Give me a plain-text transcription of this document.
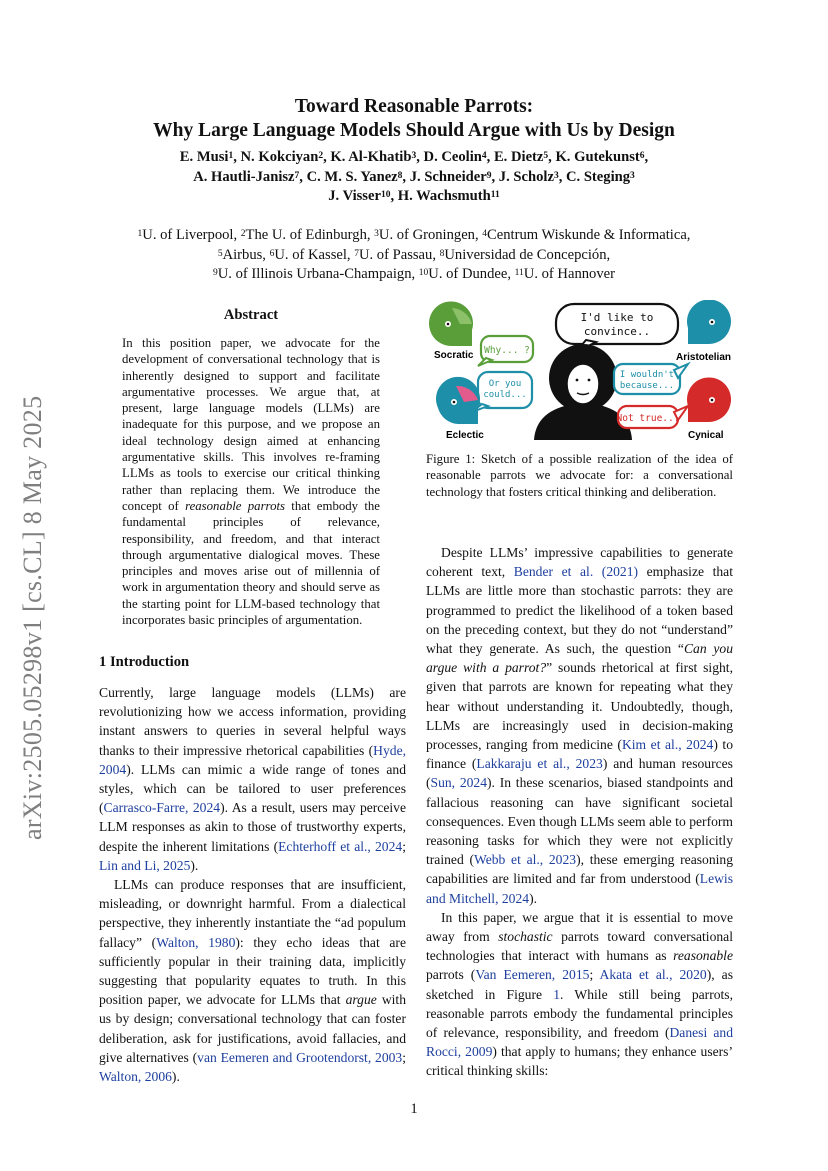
arXiv:2505.05298v1 [cs.CL] 8 May 2025
Toward Reasonable Parrots:
Why Large Language Models Should Argue with Us by Design
E. Musi$^1$, N. Kokciyan$^2$, K. Al-Khatib$^3$, D. Ceolin$^4$, E. Dietz$^5$, K. Gutekunst$^6$,
A. Hautli-Janisz$^7$, C. M. S. Yanez$^8$, J. Schneider$^9$, J. Scholz$^3$, C. Steging$^3$
J. Visser$^{10}$, H. Wachsmuth$^{11}$
$^1$U. of Liverpool, $^2$The U. of Edinburgh, $^3$U. of Groningen, $^4$Centrum Wiskunde & Informatica,
$^5$Airbus, $^6$U. of Kassel, $^7$U. of Passau, $^8$Universidad de Concepción,
$^9$U. of Illinois Urbana-Champaign, $^{10}$U. of Dundee, $^{11}$U. of Hannover
Abstract
In this position paper, we advocate for the development of conversational technology that is inherently designed to support and facilitate argumentative processes. We argue that, at present, large language models (LLMs) are inadequate for this purpose, and we propose an ideal technology design aimed at enhancing argumentative skills. This involves re-framing LLMs as tools to exercise our critical thinking rather than replacing them. We introduce the concept of reasonable parrots that embody the fundamental principles of relevance, responsibility, and freedom, and that interact through argumentative dialogical moves. These principles and moves arise out of millennia of work in argumentation theory and should serve as the starting point for LLM-based technology that incorporates basic principles of argumentation.
Socratic Why... ?
Or you
could...
Eclectic
I'd like to
convince..
Aristotelian
I wouldn't
because...
Not true...
Cynical
Figure 1: Sketch of a possible realization of the idea of reasonable parrots we advocate for: a conversational technology that fosters critical thinking and deliberation.
1 Introduction

Currently, large language models (LLMs) are revolutionizing how we access information, providing instant answers to queries in several helpful ways thanks to their impressive rhetorical capabilities (Hyde, 2004). LLMs can mimic a wide range of tones and styles, which can be tailored to user preferences (Carrasco-Farre, 2024). As a result, users may perceive LLM responses as akin to those of trustworthy experts, despite the inherent limitations (Echterhoff et al., 2024; Lin and Li, 2025).

LLMs can produce responses that are insufficient, misleading, or downright harmful. From a dialectical perspective, they inherently instantiate the “ad populum fallacy” (Walton, 1980): they echo ideas that are sufficiently popular in their training data, implicitly suggesting that popularity equates to truth. In this position paper, we advocate for LLMs that argue with us by design; conversational technology that can foster deliberation, ask for justifications, avoid fallacies, and give alternatives (van Eemeren and Grootendorst, 2003; Walton, 2006).

Despite LLMs’ impressive capabilities to generate coherent text, Bender et al. (2021) emphasize that LLMs are little more than stochastic parrots: they are programmed to predict the likelihood of a token based on the preceding context, but they do not “understand” what they generate. As such, the question “Can you argue with a parrot?” sounds rhetorical at first sight, given that parrots are known for repeating what they hear without understanding it. Undoubtedly, though, LLMs are increasingly used in decision-making processes, ranging from medicine (Kim et al., 2024) to finance (Lakkaraju et al., 2023) and human resources (Sun, 2024). In these scenarios, biased standpoints and fallacious reasoning can have significant societal consequences. Even though LLMs seem able to perform reasoning tasks for which they were not explicitly trained (Webb et al., 2023), these emerging reasoning capabilities are limited and far from understood (Lewis and Mitchell, 2024).

In this paper, we argue that it is essential to move away from stochastic parrots toward conversational technologies that interact with humans as reasonable parrots (Van Eemeren, 2015; Akata et al., 2020), as sketched in Figure 1. While still being parrots, reasonable parrots embody the fundamental principles of relevance, responsibility, and freedom (Danesi and Rocci, 2009) that apply to humans; they enhance users’ critical thinking skills:

1
